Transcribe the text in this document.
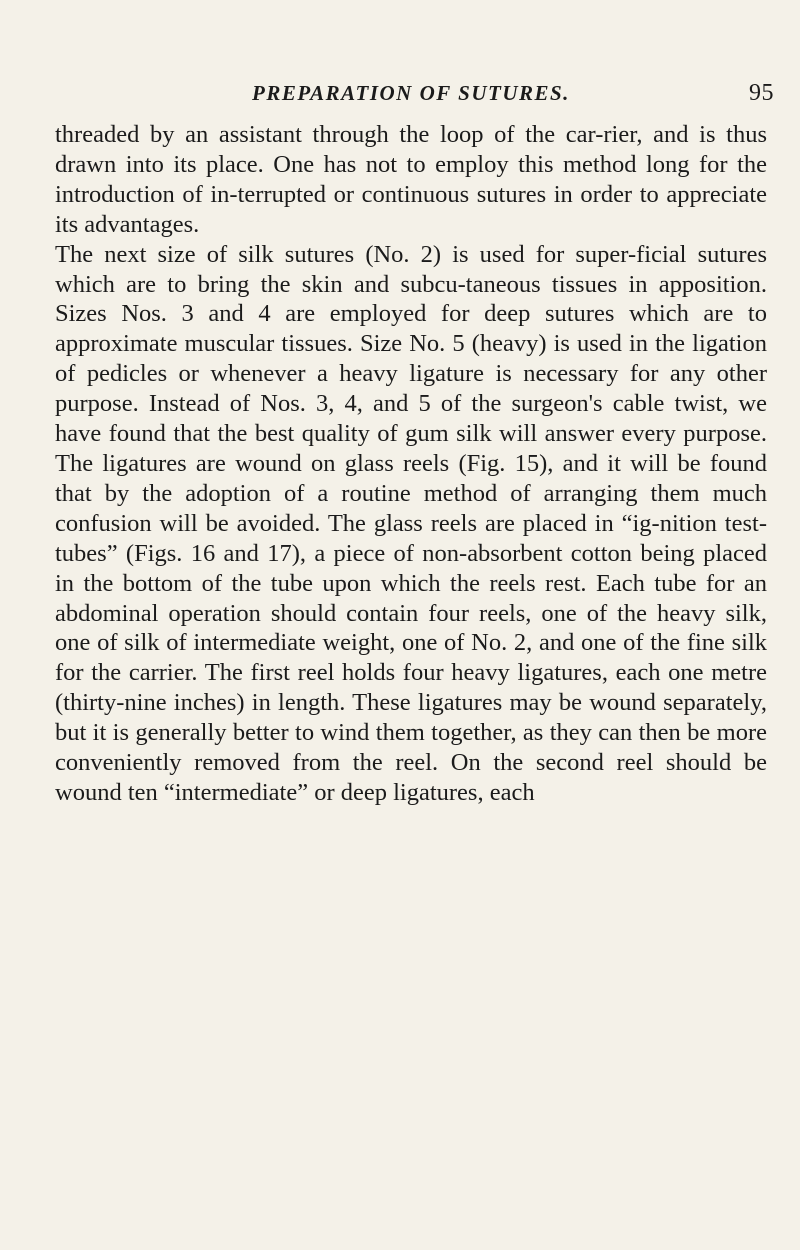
PREPARATION OF SUTURES.	95

threaded by an assistant through the loop of the car-rier, and is thus drawn into its place. One has not to employ this method long for the introduction of in-terrupted or continuous sutures in order to appreciate its advantages.

The next size of silk sutures (No. 2) is used for super-ficial sutures which are to bring the skin and subcu-taneous tissues in apposition. Sizes Nos. 3 and 4 are employed for deep sutures which are to approximate muscular tissues. Size No. 5 (heavy) is used in the ligation of pedicles or whenever a heavy ligature is necessary for any other purpose. Instead of Nos. 3, 4, and 5 of the surgeon's cable twist, we have found that the best quality of gum silk will answer every purpose. The ligatures are wound on glass reels (Fig. 15), and it will be found that by the adoption of a routine method of arranging them much confusion will be avoided. The glass reels are placed in “ig-nition test-tubes” (Figs. 16 and 17), a piece of non-absorbent cotton being placed in the bottom of the tube upon which the reels rest. Each tube for an abdominal operation should contain four reels, one of the heavy silk, one of silk of intermediate weight, one of No. 2, and one of the fine silk for the carrier. The first reel holds four heavy ligatures, each one metre (thirty-nine inches) in length. These ligatures may be wound separately, but it is generally better to wind them together, as they can then be more conveniently removed from the reel. On the second reel should be wound ten “intermediate” or deep ligatures, each
